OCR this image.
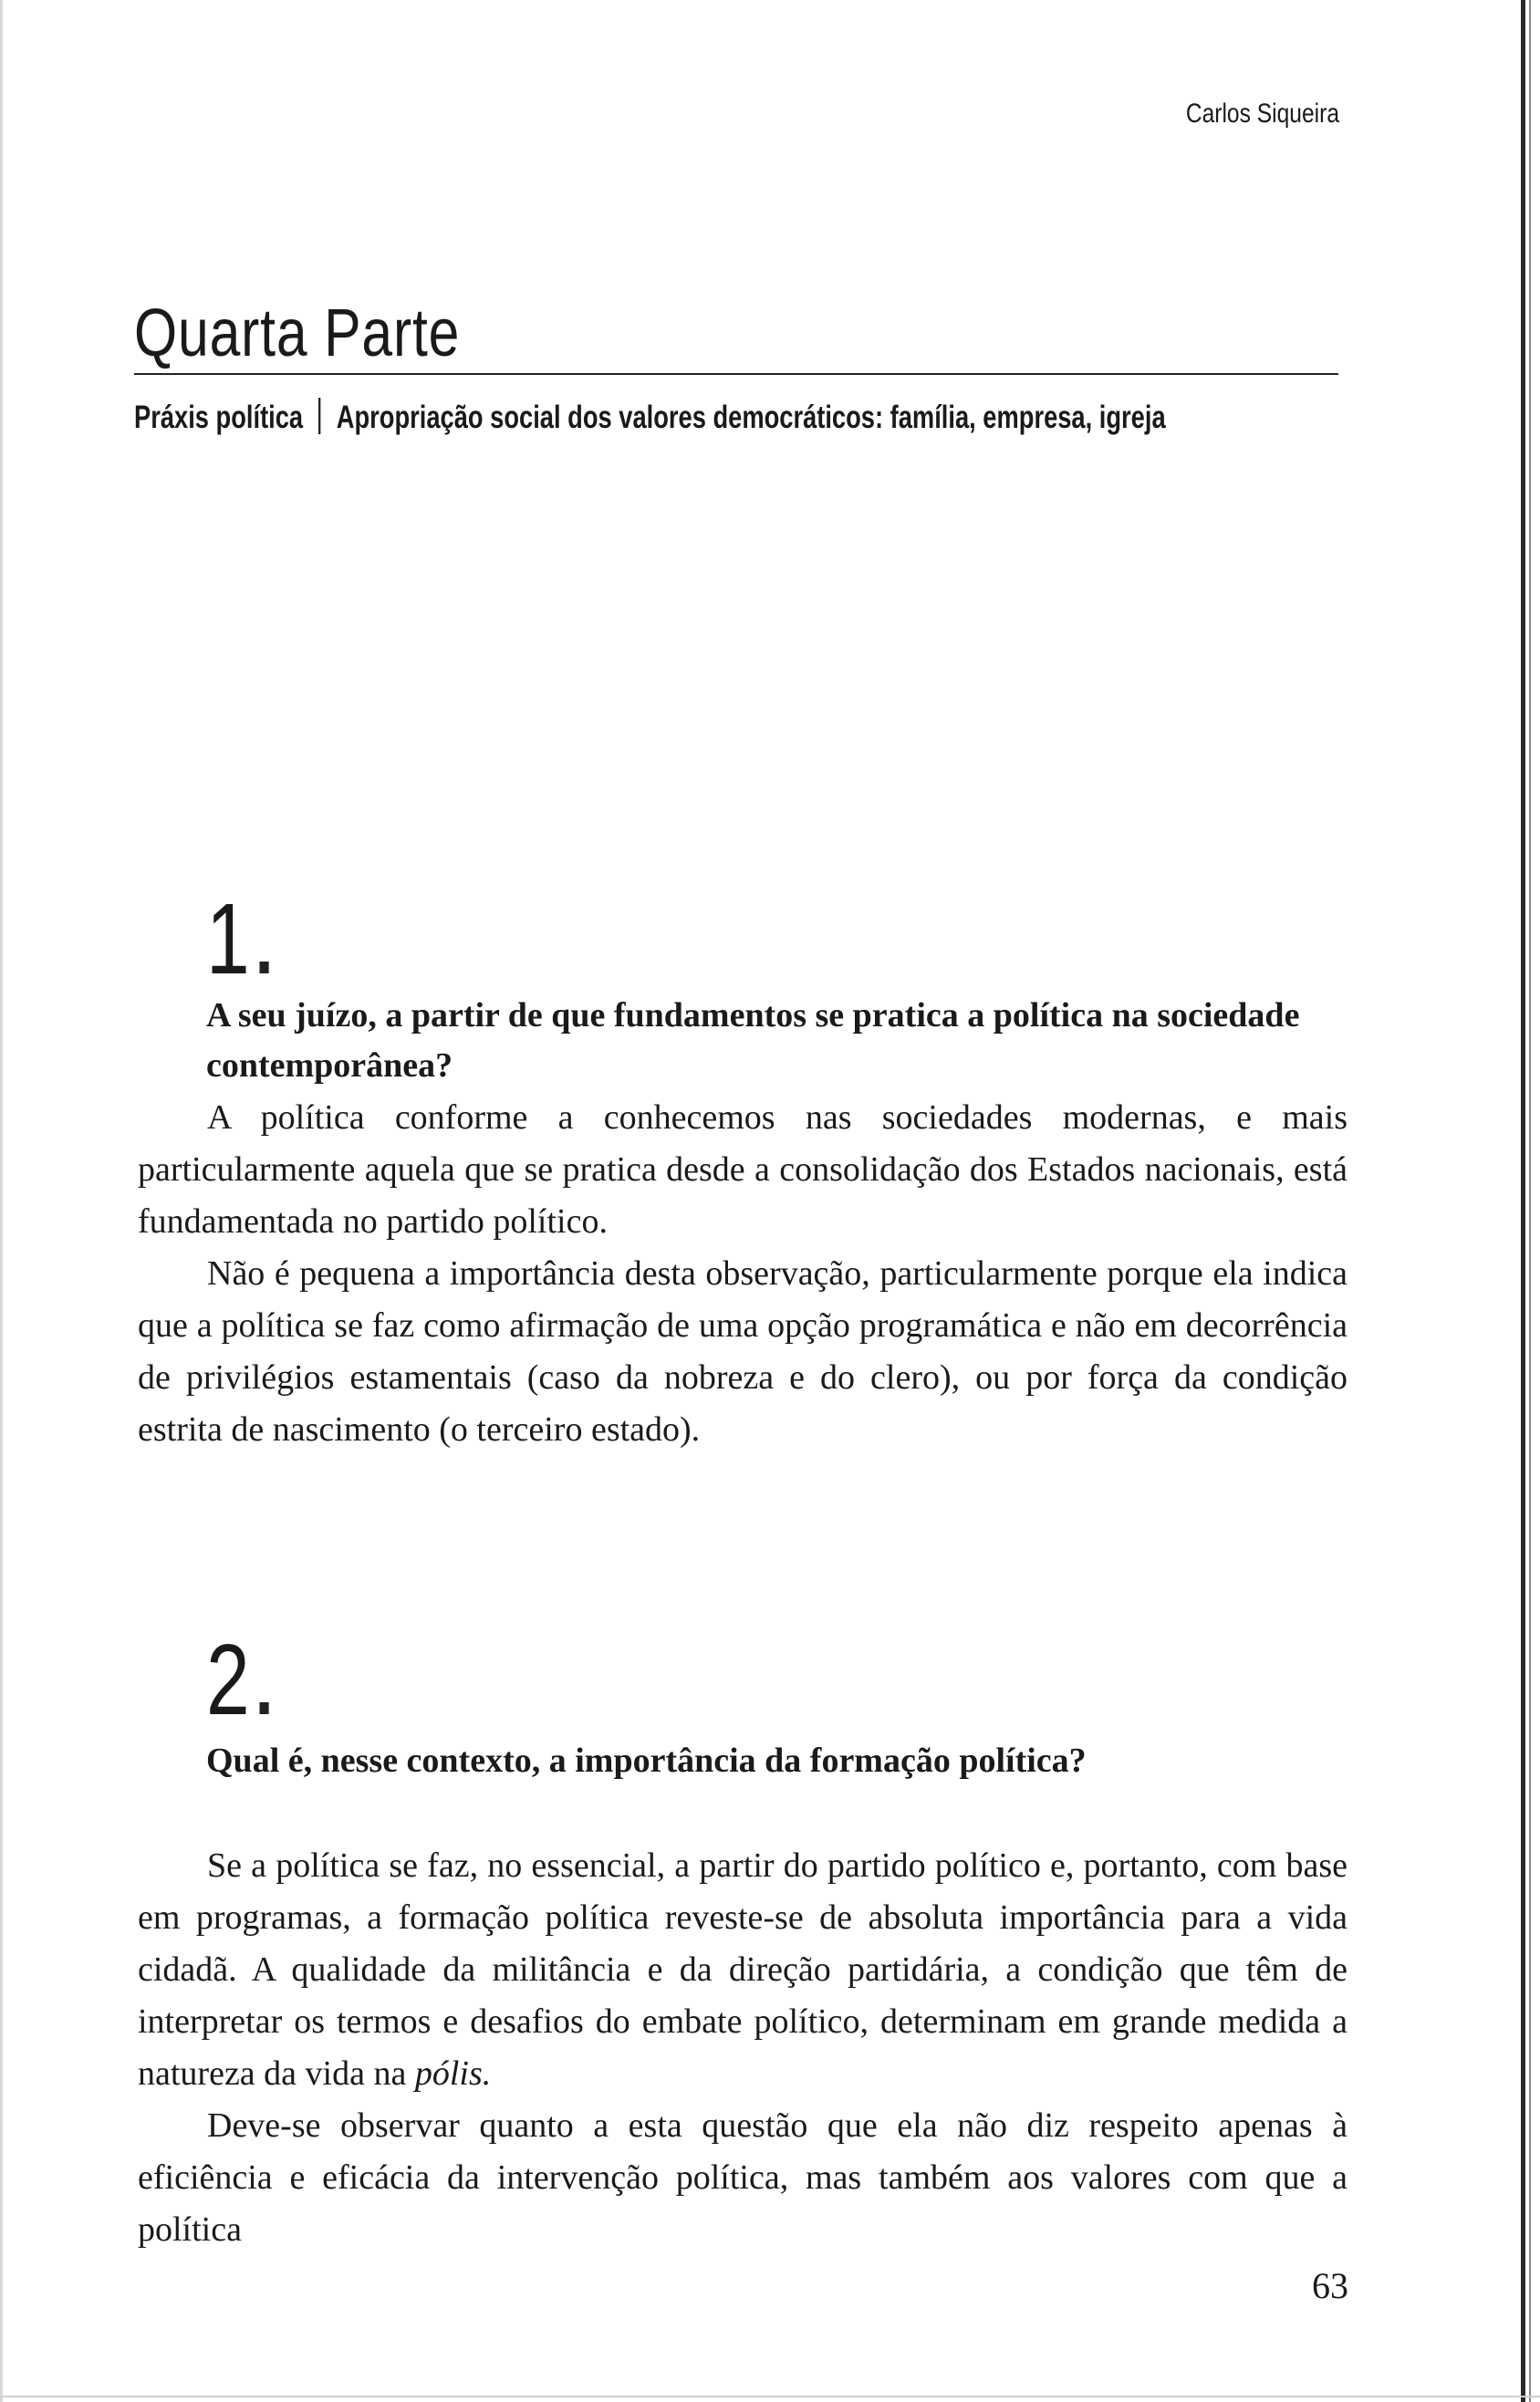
Carlos Siqueira
Quarta Parte
Práxis política Apropriação social dos valores democráticos: família, empresa, igreja
1
A seu juízo, a partir de que fundamentos se pratica a política na sociedade contemporânea?

A política conforme a conhecemos nas sociedades modernas, e mais particularmente aquela que se pratica desde a consolidação dos Estados nacionais, está fundamentada no partido político.

Não é pequena a importância desta observação, particularmente porque ela indica que a política se faz como afirmação de uma opção programática e não em decorrência de privilégios estamentais (caso da nobreza e do clero), ou por força da condição estrita de nascimento (o terceiro estado).

2
Qual é, nesse contexto, a importância da formação política?

Se a política se faz, no essencial, a partir do partido político e, portanto, com base em programas, a formação política reveste-se de absoluta importância para a vida cidadã. A qualidade da militância e da direção partidária, a condição que têm de interpretar os termos e desafios do embate político, determinam em grande medida a natureza da vida na pólis.

Deve-se observar quanto a esta questão que ela não diz respeito apenas à eficiência e eficácia da intervenção política, mas também aos valores com que a política

63
